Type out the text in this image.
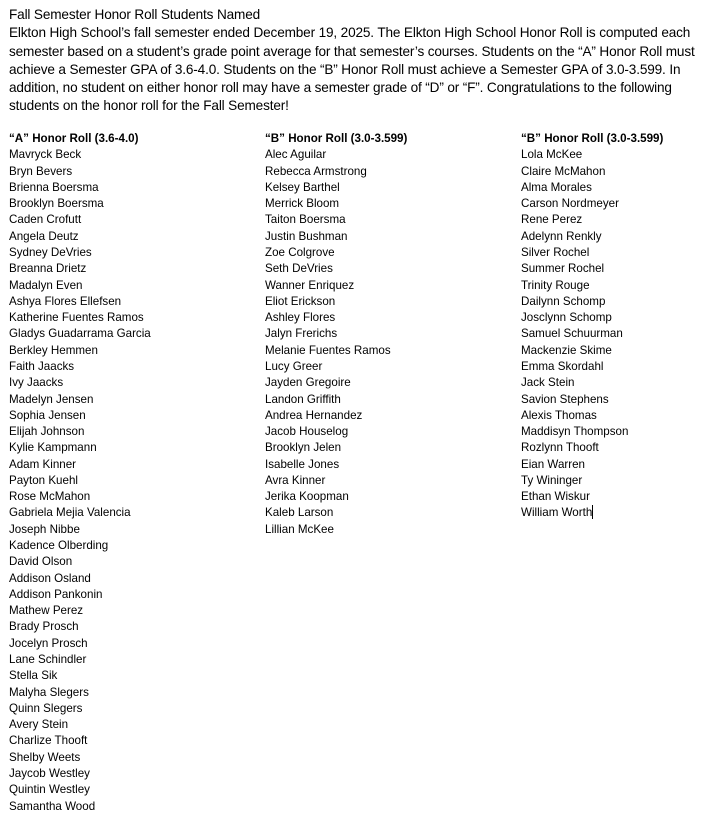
Fall Semester Honor Roll Students Named

Elkton High School’s fall semester ended December 19, 2025. The Elkton High School Honor Roll is computed each semester based on a student’s grade point average for that semester’s courses. Students on the “A” Honor Roll must achieve a Semester GPA of 3.6-4.0. Students on the “B” Honor Roll must achieve a Semester GPA of 3.0-3.599. In addition, no student on either honor roll may have a semester grade of “D” or “F”. Congratulations to the following students on the honor roll for the Fall Semester!

“A” Honor Roll (3.6-4.0)
Mavryck Beck
Bryn Bevers
Brienna Boersma
Brooklyn Boersma
Caden Crofutt
Angela Deutz
Sydney DeVries
Breanna Drietz
Madalyn Even
Ashya Flores Ellefsen
Katherine Fuentes Ramos
Gladys Guadarrama Garcia
Berkley Hemmen
Faith Jaacks
Ivy Jaacks
Madelyn Jensen
Sophia Jensen
Elijah Johnson
Kylie Kampmann
Adam Kinner
Payton Kuehl
Rose McMahon
Gabriela Mejia Valencia
Joseph Nibbe
Kadence Olberding
David Olson
Addison Osland
Addison Pankonin
Mathew Perez
Brady Prosch
Jocelyn Prosch
Lane Schindler
Stella Sik
Malyha Slegers
Quinn Slegers
Avery Stein
Charlize Thooft
Shelby Weets
Jaycob Westley
Quintin Westley
Samantha Wood
“B” Honor Roll (3.0-3.599)
Alec Aguilar
Rebecca Armstrong
Kelsey Barthel
Merrick Bloom
Taiton Boersma
Justin Bushman
Zoe Colgrove
Seth DeVries
Wanner Enriquez
Eliot Erickson
Ashley Flores
Jalyn Frerichs
Melanie Fuentes Ramos
Lucy Greer
Jayden Gregoire
Landon Griffith
Andrea Hernandez
Jacob Houselog
Brooklyn Jelen
Isabelle Jones
Avra Kinner
Jerika Koopman
Kaleb Larson
Lillian McKee
“B” Honor Roll (3.0-3.599)
Lola McKee
Claire McMahon
Alma Morales
Carson Nordmeyer
Rene Perez
Adelynn Renkly
Silver Rochel
Summer Rochel
Trinity Rouge
Dailynn Schomp
Josclynn Schomp
Samuel Schuurman
Mackenzie Skime
Emma Skordahl
Jack Stein
Savion Stephens
Alexis Thomas
Maddisyn Thompson
Rozlynn Thooft
Eian Warren
Ty Wininger
Ethan Wiskur
William Worth
